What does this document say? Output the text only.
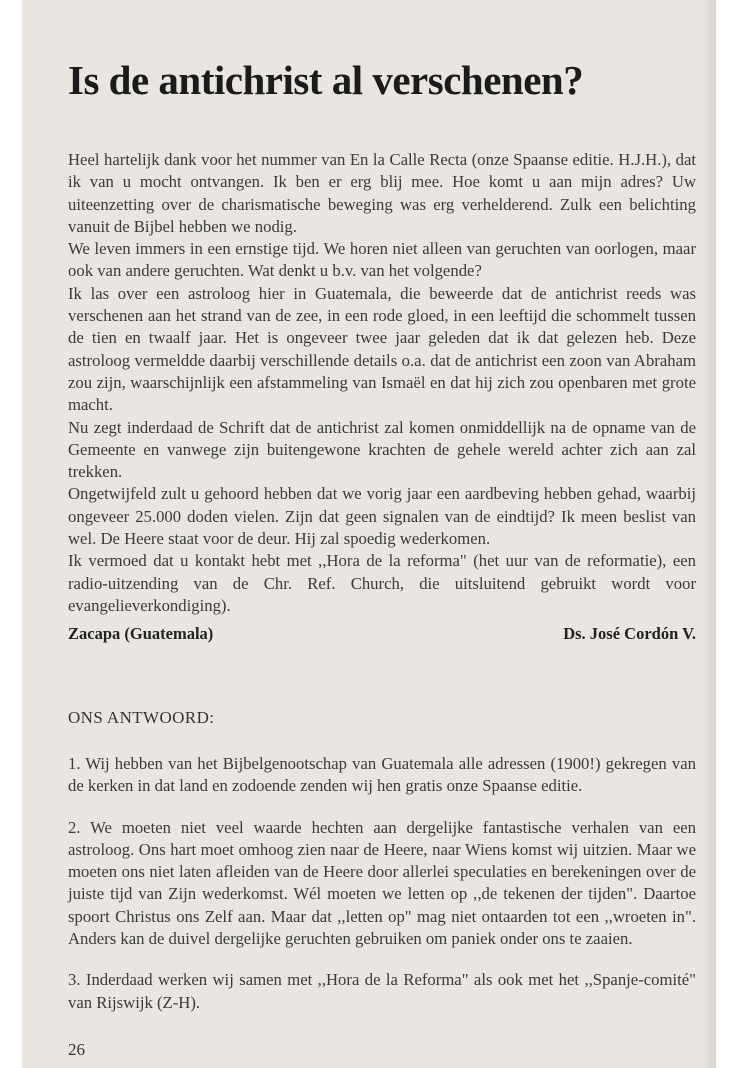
Is de antichrist al verschenen?

Heel hartelijk dank voor het nummer van En la Calle Recta (onze Spaanse editie. H.J.H.), dat ik van u mocht ontvangen. Ik ben er erg blij mee. Hoe komt u aan mijn adres? Uw uiteenzetting over de charismatische beweging was erg verhelderend. Zulk een belichting vanuit de Bijbel hebben we nodig.

We leven immers in een ernstige tijd. We horen niet alleen van geruchten van oorlogen, maar ook van andere geruchten. Wat denkt u b.v. van het volgende?

Ik las over een astroloog hier in Guatemala, die beweerde dat de antichrist reeds was verschenen aan het strand van de zee, in een rode gloed, in een leeftijd die schommelt tussen de tien en twaalf jaar. Het is ongeveer twee jaar geleden dat ik dat gelezen heb. Deze astroloog vermeldde daarbij verschillende details o.a. dat de antichrist een zoon van Abraham zou zijn, waarschijnlijk een afstammeling van Ismaël en dat hij zich zou openbaren met grote macht.

Nu zegt inderdaad de Schrift dat de antichrist zal komen onmiddellijk na de opname van de Gemeente en vanwege zijn buitengewone krachten de gehele wereld achter zich aan zal trekken.

Ongetwijfeld zult u gehoord hebben dat we vorig jaar een aardbeving hebben gehad, waarbij ongeveer 25.000 doden vielen. Zijn dat geen signalen van de eindtijd? Ik meen beslist van wel. De Heere staat voor de deur. Hij zal spoedig wederkomen.

Ik vermoed dat u kontakt hebt met ,,Hora de la reforma" (het uur van de reformatie), een radio-uitzending van de Chr. Ref. Church, die uitsluitend gebruikt wordt voor evangelieverkondiging).

Zacapa (Guatemala)	Ds. José Cordón V.
ONS ANTWOORD:

1. Wij hebben van het Bijbelgenootschap van Guatemala alle adressen (1900!) gekregen van de kerken in dat land en zodoende zenden wij hen gratis onze Spaanse editie.

2. We moeten niet veel waarde hechten aan dergelijke fantastische verhalen van een astroloog. Ons hart moet omhoog zien naar de Heere, naar Wiens komst wij uitzien. Maar we moeten ons niet laten afleiden van de Heere door allerlei speculaties en berekeningen over de juiste tijd van Zijn wederkomst. Wél moeten we letten op ,,de tekenen der tijden". Daartoe spoort Christus ons Zelf aan. Maar dat ,,letten op" mag niet ontaarden tot een ,,wroeten in". Anders kan de duivel dergelijke geruchten gebruiken om paniek onder ons te zaaien.

3. Inderdaad werken wij samen met ,,Hora de la Reforma" als ook met het ,,Spanje-comité" van Rijswijk (Z-H).

26
